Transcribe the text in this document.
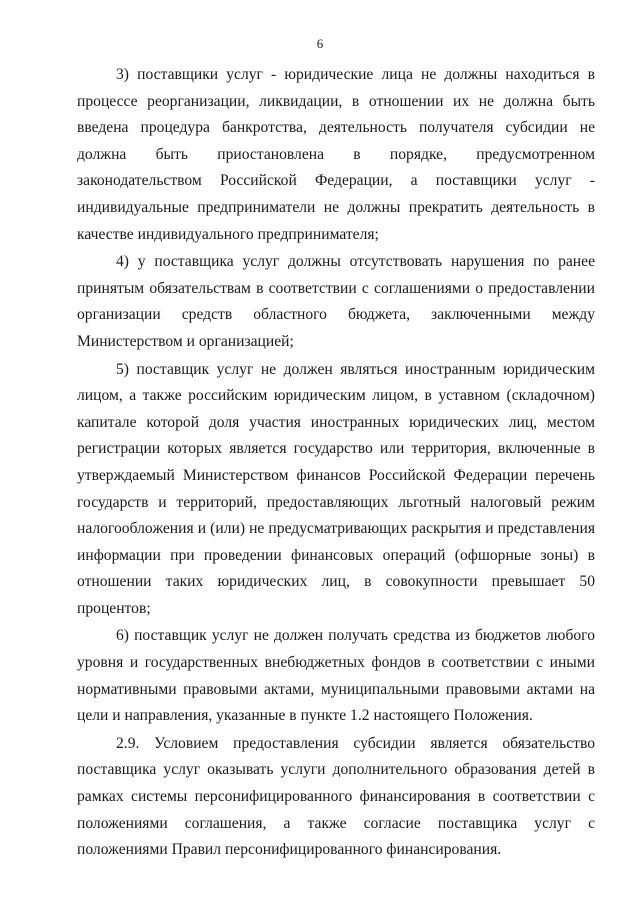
6

3) поставщики услуг - юридические лица не должны находиться в процессе реорганизации, ликвидации, в отношении их не должна быть введена процедура банкротства, деятельность получателя субсидии не должна быть приостановлена в порядке, предусмотренном законодательством Российской Федерации, а поставщики услуг - индивидуальные предприниматели не должны прекратить деятельность в качестве индивидуального предпринимателя;

4) у поставщика услуг должны отсутствовать нарушения по ранее принятым обязательствам в соответствии с соглашениями о предоставлении организации средств областного бюджета, заключенными между Министерством и организацией;

5) поставщик услуг не должен являться иностранным юридическим лицом, а также российским юридическим лицом, в уставном (складочном) капитале которой доля участия иностранных юридических лиц, местом регистрации которых является государство или территория, включенные в утверждаемый Министерством финансов Российской Федерации перечень государств и территорий, предоставляющих льготный налоговый режим налогообложения и (или) не предусматривающих раскрытия и представления информации при проведении финансовых операций (офшорные зоны) в отношении таких юридических лиц, в совокупности превышает 50 процентов;

6) поставщик услуг не должен получать средства из бюджетов любого уровня и государственных внебюджетных фондов в соответствии с иными нормативными правовыми актами, муниципальными правовыми актами на цели и направления, указанные в пункте 1.2 настоящего Положения.

2.9. Условием предоставления субсидии является обязательство поставщика услуг оказывать услуги дополнительного образования детей в рамках системы персонифицированного финансирования в соответствии с положениями соглашения, а также согласие поставщика услуг с положениями Правил персонифицированного финансирования.
